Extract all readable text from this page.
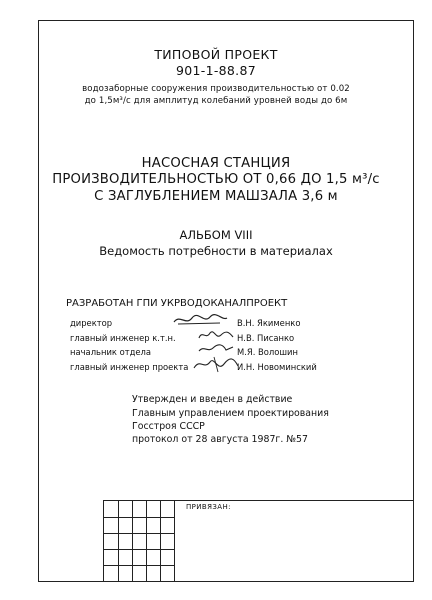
ТИПОВОЙ ПРОЕКТ
901-1-88.87
водозаборные сооружения производительностью от 0.02
до 1,5м³/с для амплитуд колебаний уровней воды до 6м
НАСОСНАЯ СТАНЦИЯ
ПРОИЗВОДИТЕЛЬНОСТЬЮ ОТ 0,66 ДО 1,5 м³/с
С ЗАГЛУБЛЕНИЕМ МАШЗАЛА 3,6 м
АЛЬБОМ VIII
Ведомость потребности в материалах
РАЗРАБОТАН ГПИ УКРВОДОКАНАЛПРОЕКТ
директор	В.Н. Якименко
главный инженер к.т.н.	Н.В. Писанко
начальник отдела	М.Я. Волошин
главный инженер проекта	И.Н. Новоминский
Утвержден и введен в действие
Главным управлением проектирования
Госстроя СССР
протокол от 28 августа 1987г. №57
ПРИВЯЗАН:
